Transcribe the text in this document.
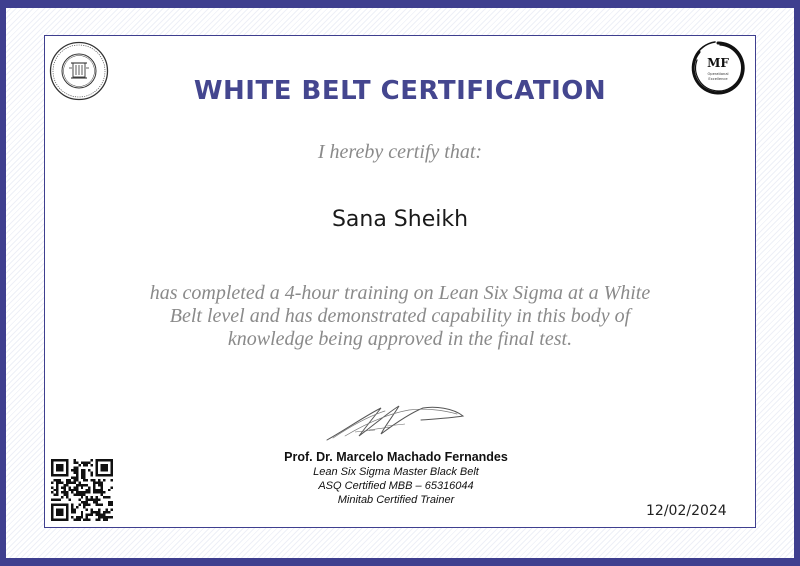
MF
Operational
Excellence
WHITE BELT CERTIFICATION
I hereby certify that:
Sana Sheikh
has completed a 4-hour training on Lean Six Sigma at a White Belt level and has demonstrated capability in this body of knowledge being approved in the final test.
Prof. Dr. Marcelo Machado Fernandes
Lean Six Sigma Master Black Belt
ASQ Certified MBB – 65316044
Minitab Certified Trainer
12/02/2024
